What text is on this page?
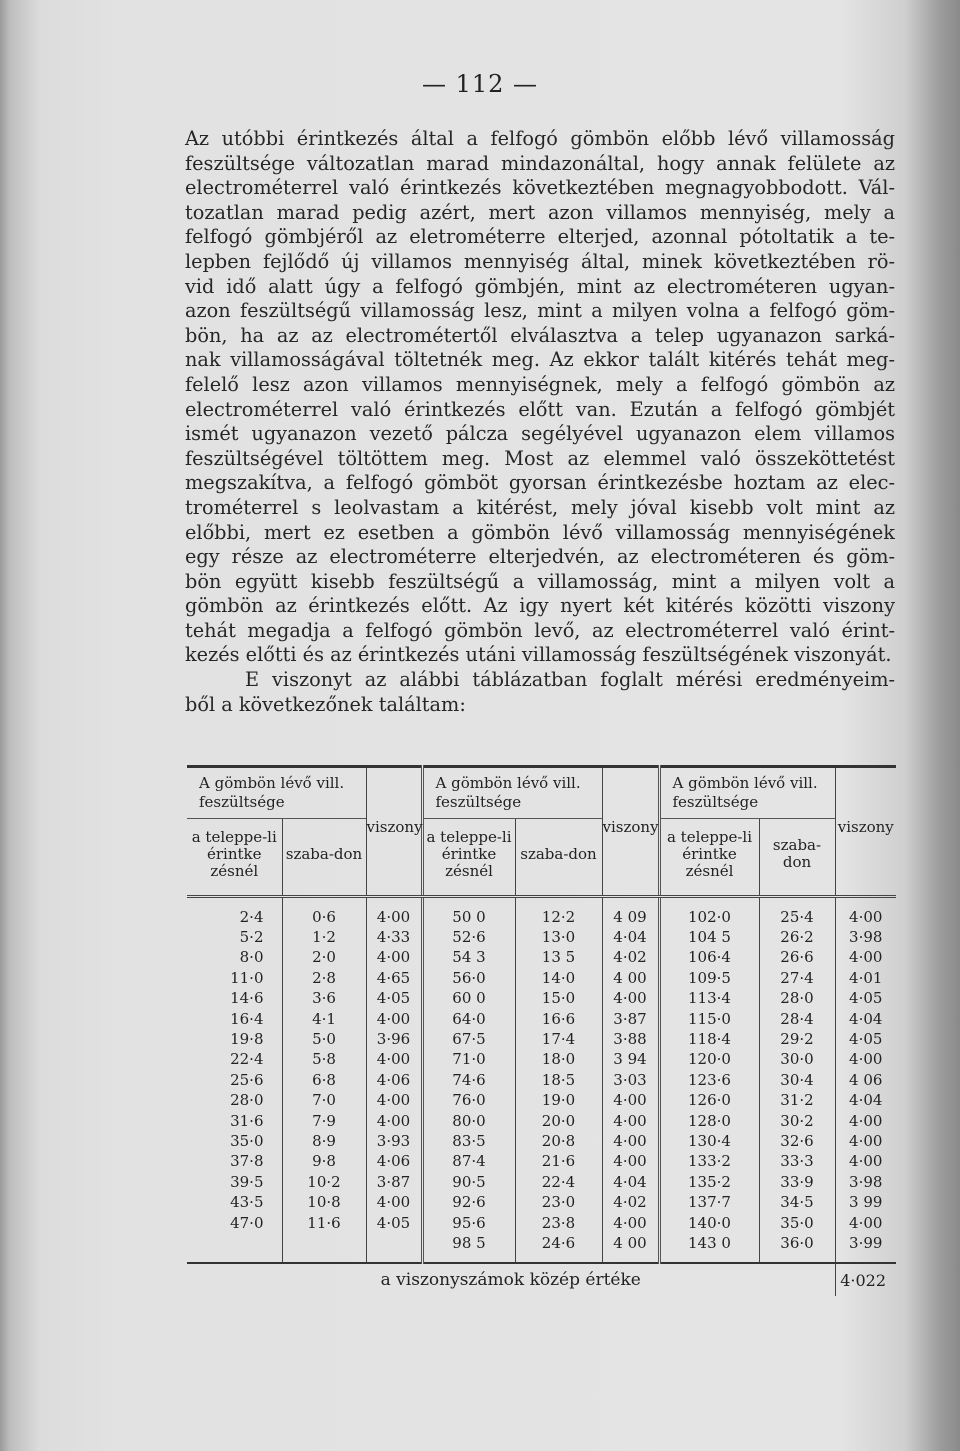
— 112 —
Az utóbbi érintkezés által a felfogó gömbön előbb lévő villamosság
feszültsége változatlan marad mindazonáltal, hogy annak felülete az
electrométerrel való érintkezés következtében megnagyobbodott. Vál-
tozatlan marad pedig azért, mert azon villamos mennyiség, mely a
felfogó gömbjéről az eletrométerre elterjed, azonnal pótoltatik a te-
lepben fejlődő új villamos mennyiség által, minek következtében rö-
vid idő alatt úgy a felfogó gömbjén, mint az electrométeren ugyan-
azon feszültségű villamosság lesz, mint a milyen volna a felfogó göm-
bön, ha az az electrométertől elválasztva a telep ugyanazon sarká-
nak villamosságával töltetnék meg. Az ekkor talált kitérés tehát meg-
felelő lesz azon villamos mennyiségnek, mely a felfogó gömbön az
electrométerrel való érintkezés előtt van. Ezután a felfogó gömbjét
ismét ugyanazon vezető pálcza segélyével ugyanazon elem villamos
feszültségével töltöttem meg. Most az elemmel való összeköttetést
megszakítva, a felfogó gömböt gyorsan érintkezésbe hoztam az elec-
trométerrel s leolvastam a kitérést, mely jóval kisebb volt mint az
előbbi, mert ez esetben a gömbön lévő villamosság mennyiségének
egy része az electrométerre elterjedvén, az electrométeren és göm-
bön együtt kisebb feszültségű a villamosság, mint a milyen volt a
gömbön az érintkezés előtt. Az igy nyert két kitérés közötti viszony
tehát megadja a felfogó gömbön levő, az electrométerrel való érint-
kezés előtti és az érintkezés utáni villamosság feszültségének viszonyát.
E viszonyt az alábbi táblázatban foglalt mérési eredményeim-
ből a következőnek találtam:
A gömbön lévő vill. feszültsége		viszony	A gömbön lévő vill. feszültsége		viszony	A gömbön lévő vill. feszültsége		viszony
a teleppe-li érintke zésnél	szaba-don		a teleppe-li érintke zésnél	szaba-don		a teleppe-li érintke zésnél	szaba-don	

2·4	0·6	4·00	50 0	12·2	4 09	102·0	25·4	4·00
5·2	1·2	4·33	52·6	13·0	4·04	104 5	26·2	3·98
8·0	2·0	4·00	54 3	13 5	4·02	106·4	26·6	4·00
11·0	2·8	4·65	56·0	14·0	4 00	109·5	27·4	4·01
14·6	3·6	4·05	60 0	15·0	4·00	113·4	28·0	4·05
16·4	4·1	4·00	64·0	16·6	3·87	115·0	28·4	4·04
19·8	5·0	3·96	67·5	17·4	3·88	118·4	29·2	4·05
22·4	5·8	4·00	71·0	18·0	3 94	120·0	30·0	4·00
25·6	6·8	4·06	74·6	18·5	3·03	123·6	30·4	4 06
28·0	7·0	4·00	76·0	19·0	4·00	126·0	31·2	4·04
31·6	7·9	4·00	80·0	20·0	4·00	128·0	30·2	4·00
35·0	8·9	3·93	83·5	20·8	4·00	130·4	32·6	4·00
37·8	9·8	4·06	87·4	21·6	4·00	133·2	33·3	4·00
39·5	10·2	3·87	90·5	22·4	4·04	135·2	33·9	3·98
43·5	10·8	4·00	92·6	23·0	4·02	137·7	34·5	3 99
47·0	11·6	4·05	95·6	23·8	4·00	140·0	35·0	4·00
			98 5	24·6	4 00	143 0	36·0	3·99

a viszonyszámok közép értéke								4·022
